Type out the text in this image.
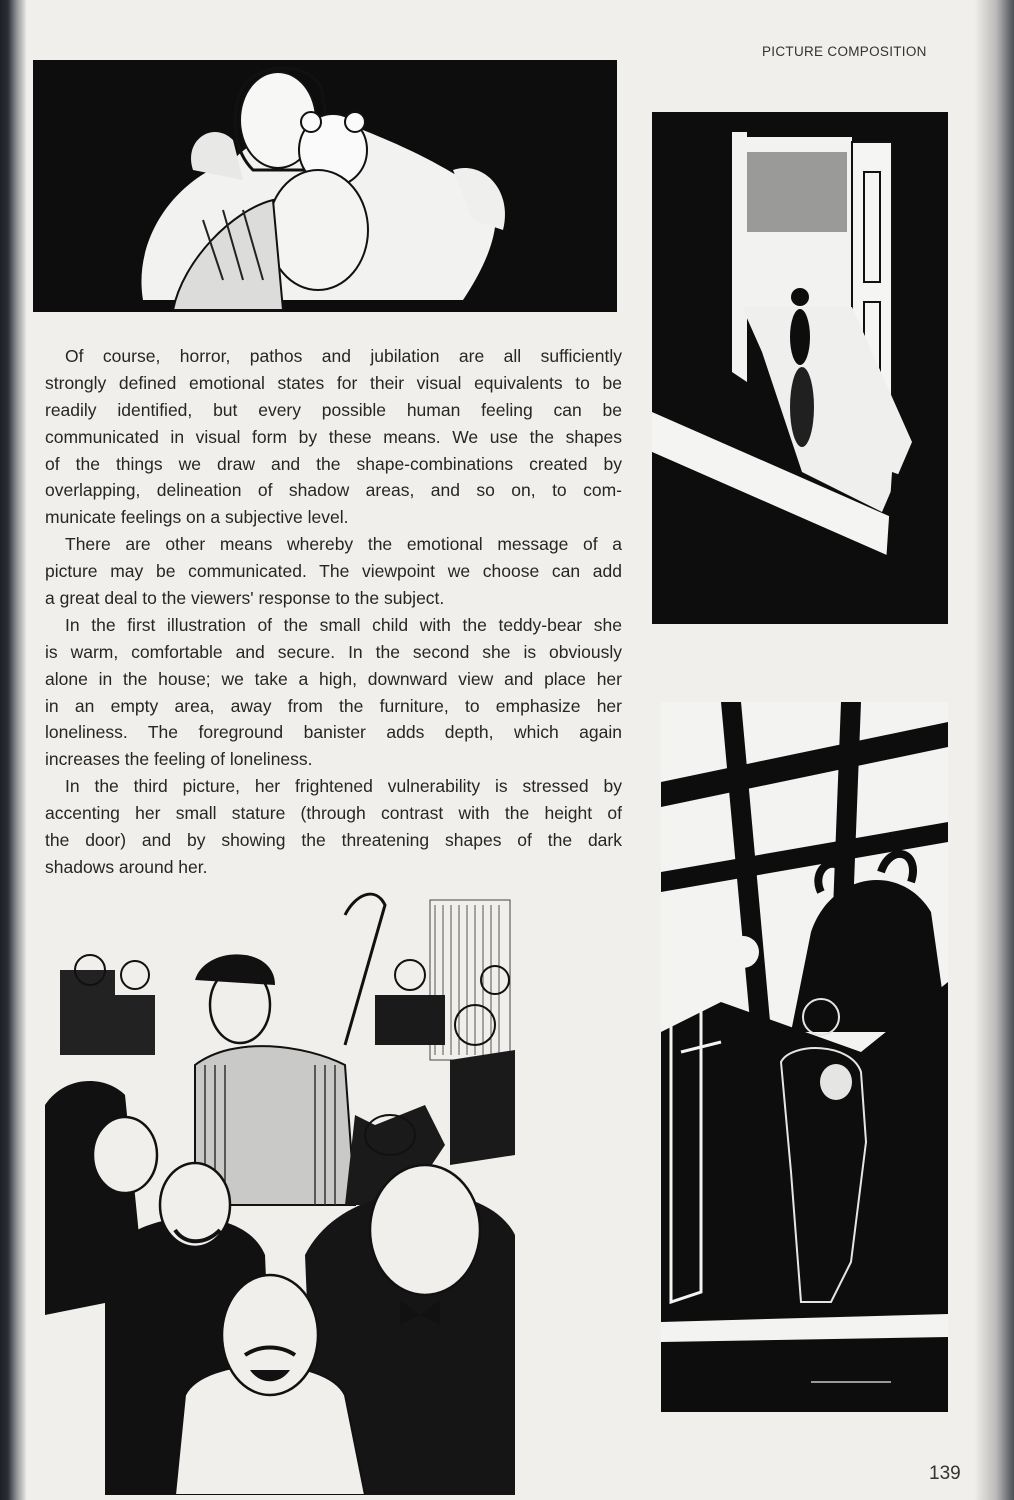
PICTURE COMPOSITION
Of course, horror, pathos and jubilation are all sufficiently
strongly defined emotional states for their visual equivalents to be
readily identified, but every possible human feeling can be
communicated in visual form by these means. We use the shapes
of the things we draw and the shape-combinations created by
overlapping, delineation of shadow areas, and so on, to com-
municate feelings on a subjective level.
There are other means whereby the emotional message of a
picture may be communicated. The viewpoint we choose can add
a great deal to the viewers' response to the subject.
In the first illustration of the small child with the teddy-bear she
is warm, comfortable and secure. In the second she is obviously
alone in the house; we take a high, downward view and place her
in an empty area, away from the furniture, to emphasize her
loneliness. The foreground banister adds depth, which again
increases the feeling of loneliness.
In the third picture, her frightened vulnerability is stressed by
accenting her small stature (through contrast with the height of
the door) and by showing the threatening shapes of the dark
shadows around her.
139
